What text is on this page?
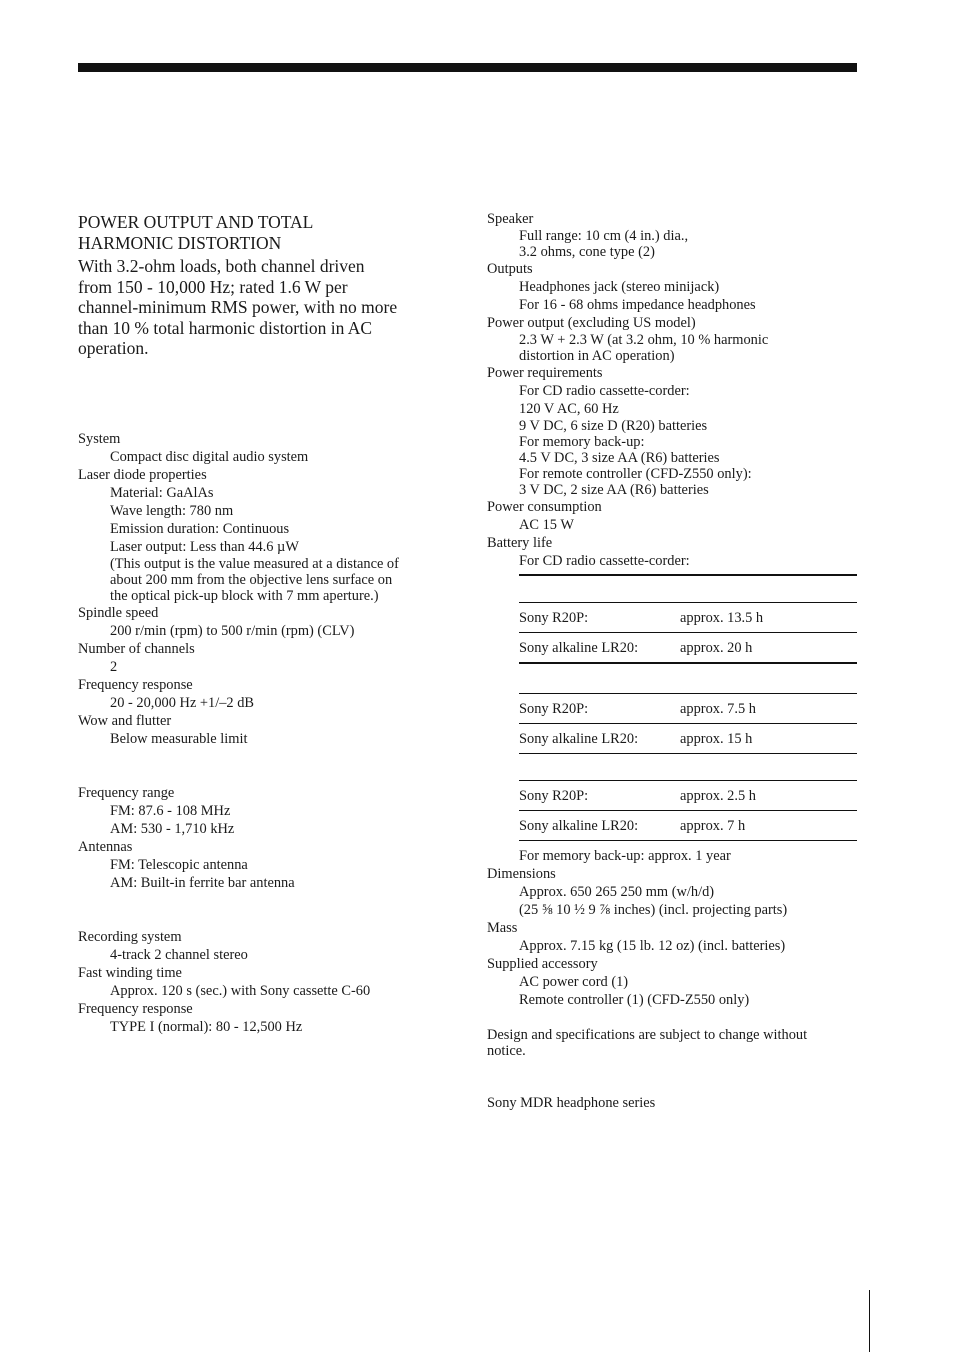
POWER OUTPUT AND TOTAL
HARMONIC DISTORTION
With 3.2-ohm loads, both channel driven
from 150 - 10,000 Hz; rated 1.6 W per
channel-minimum RMS power, with no more
than 10 % total harmonic distortion in AC
operation.
System
Compact disc digital audio system
Laser diode properties
Material: GaAlAs
Wave length: 780 nm
Emission duration: Continuous
Laser output: Less than 44.6 µW
(This output is the value measured at a distance of
about 200 mm from the objective lens surface on
the optical pick-up block with 7 mm aperture.)
Spindle speed
200 r/min (rpm) to 500 r/min (rpm) (CLV)
Number of channels
2
Frequency response
20 - 20,000 Hz +1/–2 dB
Wow and flutter
Below measurable limit
Frequency range
FM: 87.6 - 108 MHz
AM: 530 - 1,710 kHz
Antennas
FM: Telescopic antenna
AM: Built-in ferrite bar antenna
Recording system
4-track 2 channel stereo
Fast winding time
Approx. 120 s (sec.) with Sony cassette C-60
Frequency response
TYPE I (normal): 80 - 12,500 Hz
Speaker
Full range: 10 cm (4 in.) dia.,
3.2 ohms, cone type (2)
Outputs
Headphones jack (stereo minijack)
For 16 - 68 ohms impedance headphones
Power output (excluding US model)
2.3 W + 2.3 W (at 3.2 ohm, 10 % harmonic
distortion in AC operation)
Power requirements
For CD radio cassette-corder:
120 V AC, 60 Hz
9 V DC, 6 size D (R20) batteries
For memory back-up:
4.5 V DC, 3 size AA (R6) batteries
For remote controller (CFD-Z550 only):
3 V DC, 2 size AA (R6) batteries
Power consumption
AC 15 W
Battery life
For CD radio cassette-corder:
Sony R20P:	approx. 13.5 h
Sony alkaline LR20:	approx. 20 h
Sony R20P:	approx. 7.5 h
Sony alkaline LR20:	approx. 15 h
Sony R20P:	approx. 2.5 h
Sony alkaline LR20:	approx. 7 h
For memory back-up: approx. 1 year
Dimensions
Approx. 650 265 250 mm (w/h/d)
(25 ⅝ 10 ½ 9 ⅞ inches) (incl. projecting parts)
Mass
Approx. 7.15 kg (15 lb. 12 oz) (incl. batteries)
Supplied accessory
AC power cord (1)
Remote controller (1) (CFD-Z550 only)
Design and specifications are subject to change without
notice.
Sony MDR headphone series
